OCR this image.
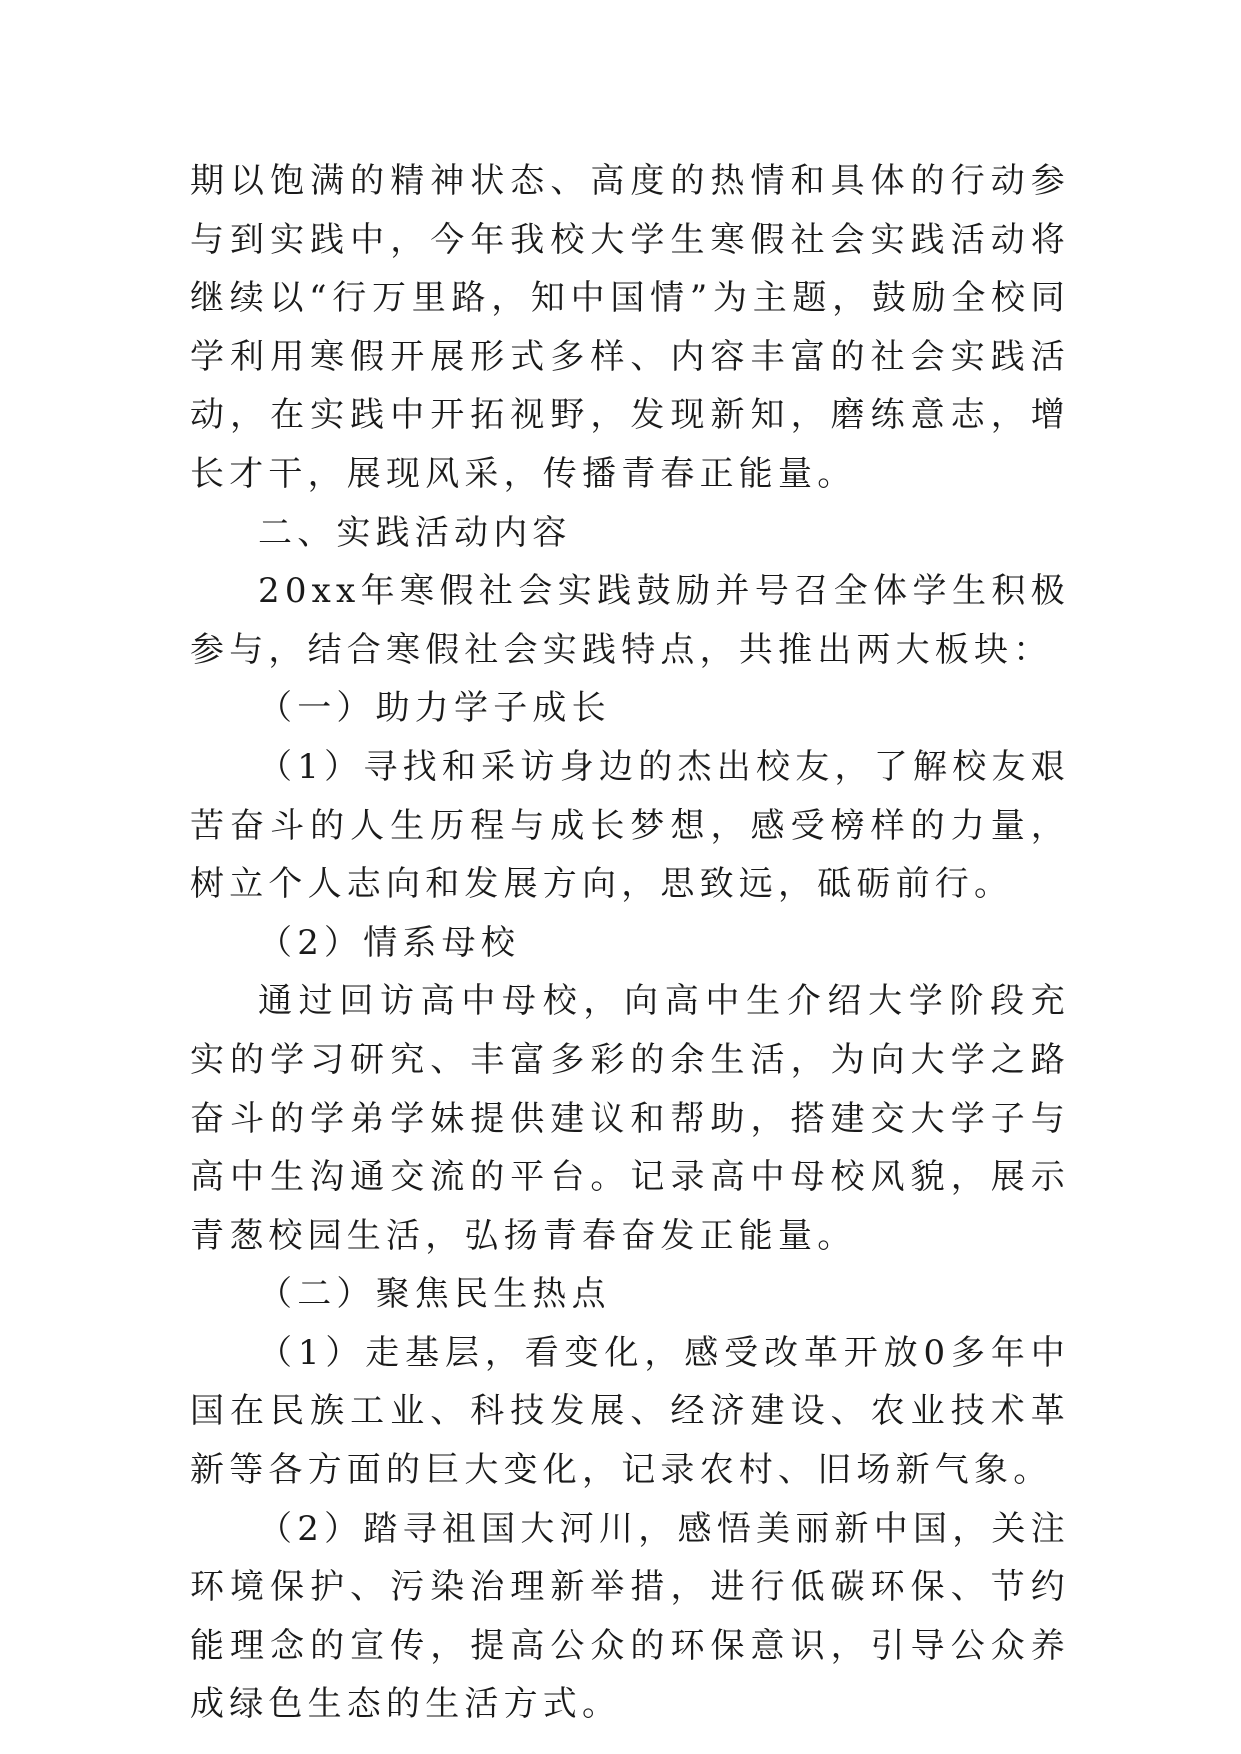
期以饱满的精神状态、高度的热情和具体的行动参与到实践中，今年我校大学生寒假社会实践活动将继续以“行万里路，知中国情”为主题，鼓励全校同学利用寒假开展形式多样、内容丰富的社会实践活动，在实践中开拓视野，发现新知，磨练意志，增长才干，展现风采，传播青春正能量。

二、实践活动内容

20xx年寒假社会实践鼓励并号召全体学生积极参与，结合寒假社会实践特点，共推出两大板块：

（一）助力学子成长

（1）寻找和采访身边的杰出校友，了解校友艰苦奋斗的人生历程与成长梦想，感受榜样的力量，树立个人志向和发展方向，思致远，砥砺前行。

（2）情系母校

通过回访高中母校，向高中生介绍大学阶段充实的学习研究、丰富多彩的余生活，为向大学之路奋斗的学弟学妹提供建议和帮助，搭建交大学子与高中生沟通交流的平台。记录高中母校风貌，展示青葱校园生活，弘扬青春奋发正能量。

（二）聚焦民生热点

（1）走基层，看变化，感受改革开放0多年中国在民族工业、科技发展、经济建设、农业技术革新等各方面的巨大变化，记录农村、旧场新气象。

（2）踏寻祖国大河川，感悟美丽新中国，关注环境保护、污染治理新举措，进行低碳环保、节约能理念的宣传，提高公众的环保意识，引导公众养成绿色生态的生活方式。
